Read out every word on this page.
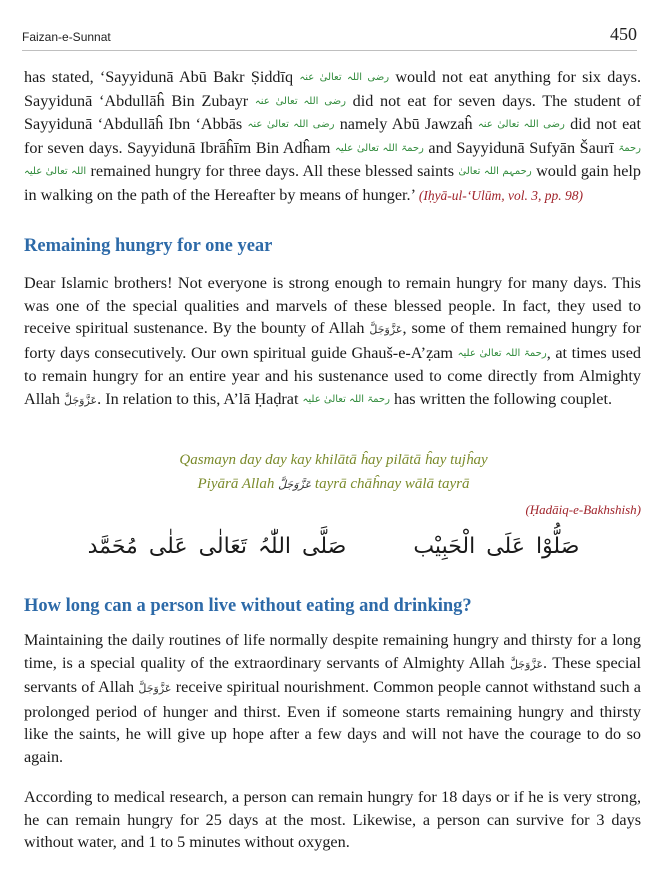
Faizan-e-Sunnat	450

has stated, ‘Sayyidunā Abū Bakr Ṣiddīq رضی اللہ تعالیٰ عنہ would not eat anything for six days. Sayyidunā ‘Abdullāĥ Bin Zubayr رضی اللہ تعالیٰ عنہ did not eat for seven days. The student of Sayyidunā ‘Abdullāĥ Ibn ‘Abbās رضی اللہ تعالیٰ عنہ namely Abū Jawzaĥ رضی اللہ تعالیٰ عنہ did not eat for seven days. Sayyidunā Ibrāĥīm Bin Adĥam رحمۃ اللہ تعالیٰ علیہ and Sayyidunā Sufyān Šaurī رحمۃ اللہ تعالیٰ علیہ remained hungry for three days. All these blessed saints رحمہم اللہ تعالیٰ would gain help in walking on the path of the Hereafter by means of hunger.’ (Iḥyā-ul-‘Ulūm, vol. 3, pp. 98)

Remaining hungry for one year

Dear Islamic brothers! Not everyone is strong enough to remain hungry for many days. This was one of the special qualities and marvels of these blessed people. In fact, they used to receive spiritual sustenance. By the bounty of Allah عَزَّوَجَلَّ, some of them remained hungry for forty days consecutively. Our own spiritual guide Ghauš-e-A’ẓam رحمۃ اللہ تعالیٰ علیہ, at times used to remain hungry for an entire year and his sustenance used to come directly from Almighty Allah عَزَّوَجَلَّ. In relation to this, A’lā Ḥaḍrat رحمۃ اللہ تعالیٰ علیہ has written the following couplet.

Qasmayn day day kay khilātā ĥay pilātā ĥay tujĥay
Piyārā Allah عَزَّوَجَلَّ tayrā chāĥnay wālā tayrā
(Ḥadāiq-e-Bakhshish)
صَلُّوْا عَلَی الْحَبِیْب صَلَّی اللّٰہُ تَعَالٰی عَلٰی مُحَمَّد
How long can a person live without eating and drinking?

Maintaining the daily routines of life normally despite remaining hungry and thirsty for a long time, is a special quality of the extraordinary servants of Almighty Allah عَزَّوَجَلَّ. These special servants of Allah عَزَّوَجَلَّ receive spiritual nourishment. Common people cannot withstand such a prolonged period of hunger and thirst. Even if someone starts remaining hungry and thirsty like the saints, he will give up hope after a few days and will not have the courage to do so again.

According to medical research, a person can remain hungry for 18 days or if he is very strong, he can remain hungry for 25 days at the most. Likewise, a person can survive for 3 days without water, and 1 to 5 minutes without oxygen.
